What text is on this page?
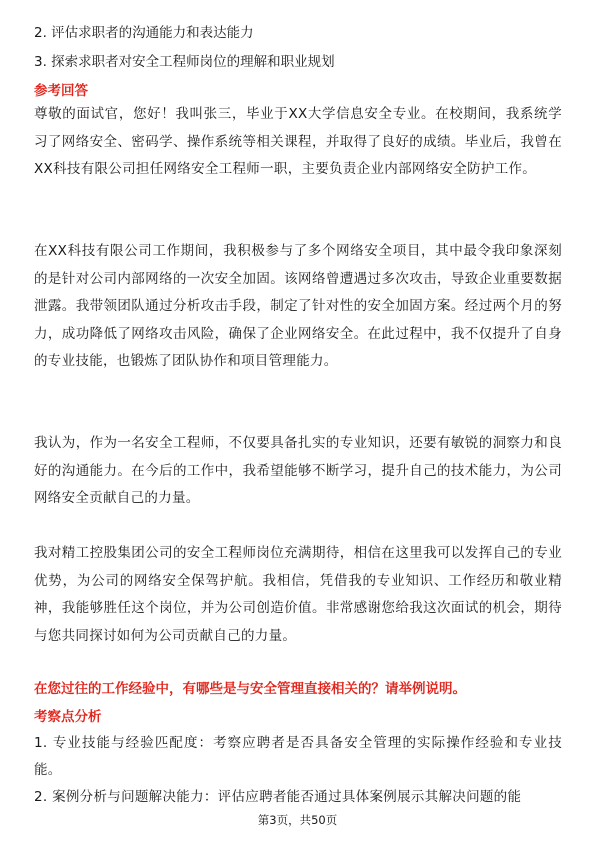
2. 评估求职者的沟通能力和表达能力
3. 探索求职者对安全工程师岗位的理解和职业规划
参考回答
尊敬的面试官，您好！我叫张三，毕业于XX大学信息安全专业。在校期间，我系统学习了网络安全、密码学、操作系统等相关课程，并取得了良好的成绩。毕业后，我曾在XX科技有限公司担任网络安全工程师一职，主要负责企业内部网络安全防护工作。
在XX科技有限公司工作期间，我积极参与了多个网络安全项目，其中最令我印象深刻的是针对公司内部网络的一次安全加固。该网络曾遭遇过多次攻击，导致企业重要数据泄露。我带领团队通过分析攻击手段，制定了针对性的安全加固方案。经过两个月的努力，成功降低了网络攻击风险，确保了企业网络安全。在此过程中，我不仅提升了自身的专业技能，也锻炼了团队协作和项目管理能力。
我认为，作为一名安全工程师，不仅要具备扎实的专业知识，还要有敏锐的洞察力和良好的沟通能力。在今后的工作中，我希望能够不断学习，提升自己的技术能力，为公司网络安全贡献自己的力量。
我对精工控股集团公司的安全工程师岗位充满期待，相信在这里我可以发挥自己的专业优势，为公司的网络安全保驾护航。我相信，凭借我的专业知识、工作经历和敬业精神，我能够胜任这个岗位，并为公司创造价值。非常感谢您给我这次面试的机会，期待与您共同探讨如何为公司贡献自己的力量。
在您过往的工作经验中，有哪些是与安全管理直接相关的？请举例说明。
考察点分析
1. 专业技能与经验匹配度：考察应聘者是否具备安全管理的实际操作经验和专业技能。
2. 案例分析与问题解决能力：评估应聘者能否通过具体案例展示其解决问题的能
第3页，共50页
